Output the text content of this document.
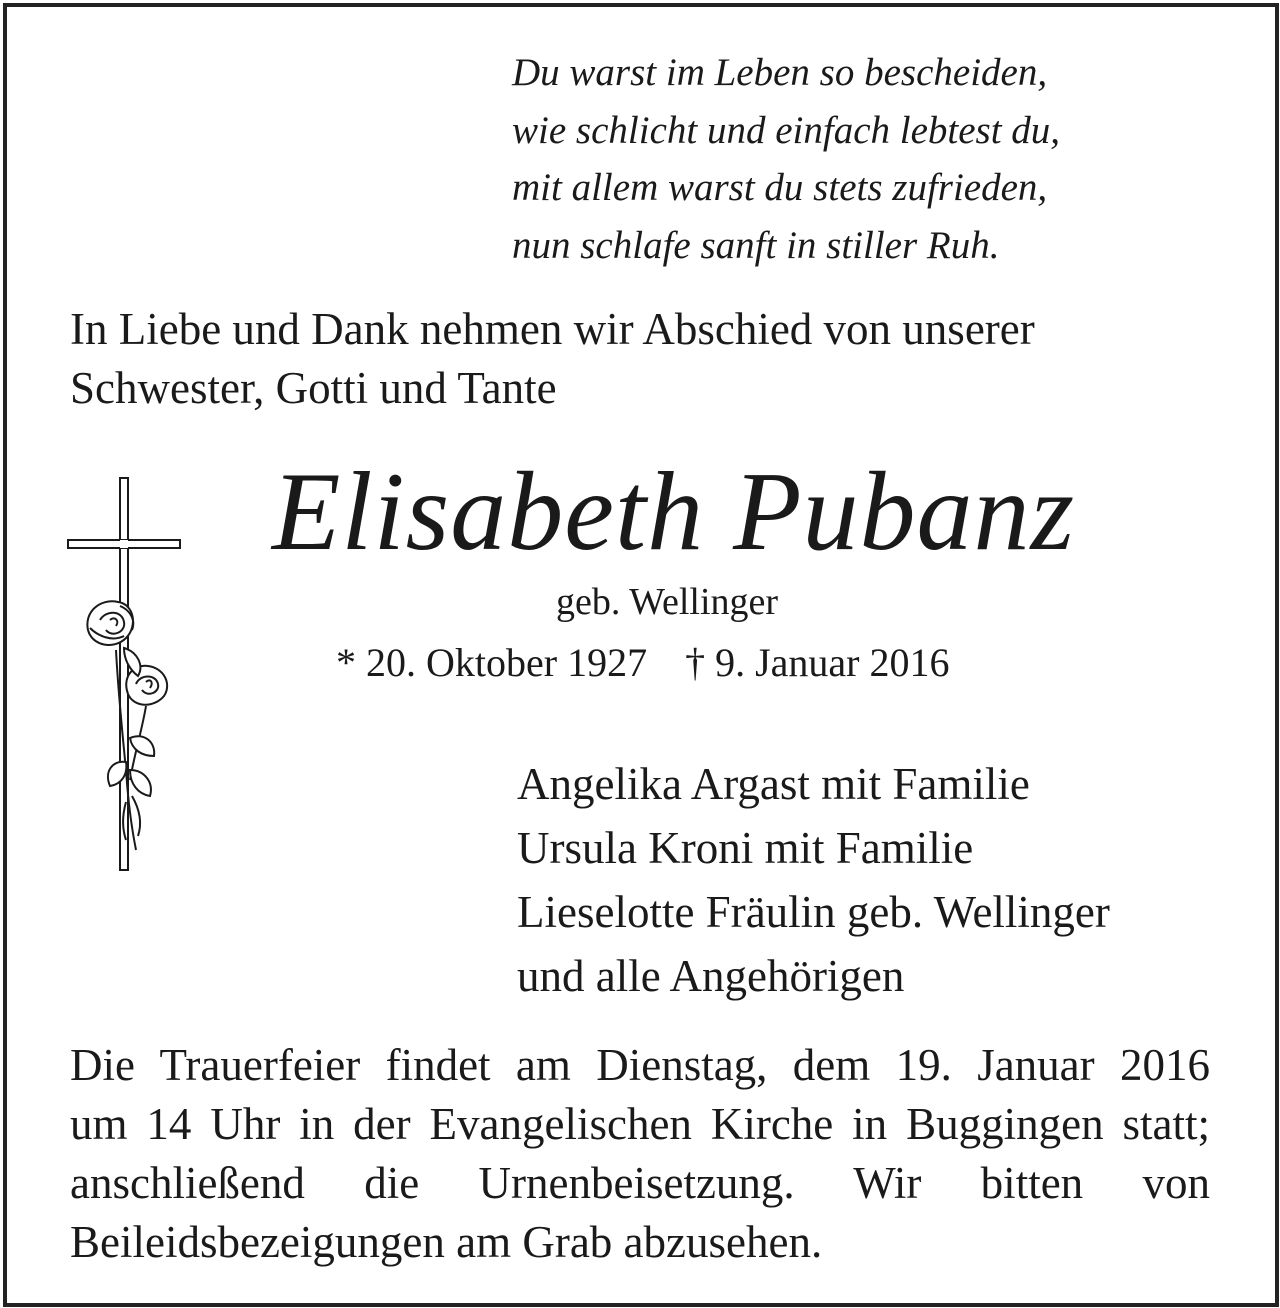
Du warst im Leben so bescheiden,
wie schlicht und einfach lebtest du,
mit allem warst du stets zufrieden,
nun schlafe sanft in stiller Ruh.
In Liebe und Dank nehmen wir Abschied von unserer
Schwester, Gotti und Tante
Elisabeth Pubanz
geb. Wellinger
* 20. Oktober 1927 † 9. Januar 2016
Angelika Argast mit Familie
Ursula Kroni mit Familie
Lieselotte Fräulin geb. Wellinger
und alle Angehörigen
Die Trauerfeier findet am Dienstag, dem 19. Januar 2016
um 14 Uhr in der Evangelischen Kirche in Buggingen statt;
anschließend die Urnenbeisetzung. Wir bitten von
Beileidsbezeigungen am Grab abzusehen.
